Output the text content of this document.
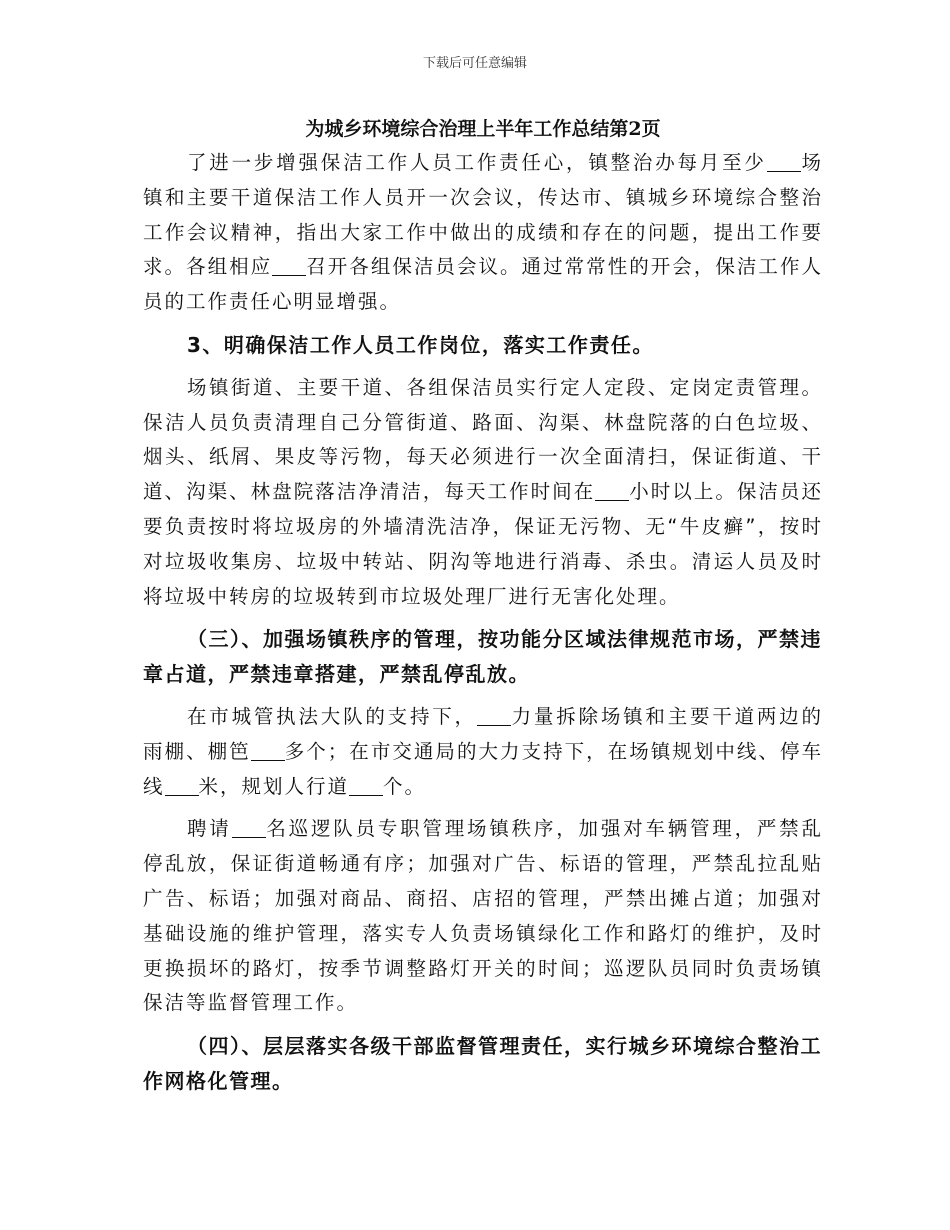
下载后可任意编辑
为城乡环境综合治理上半年工作总结第2页

了进一步增强保洁工作人员工作责任心，镇整治办每月至少 场镇和主要干道保洁工作人员开一次会议，传达市、镇城乡环境综合整治工作会议精神，指出大家工作中做出的成绩和存在的问题，提出工作要求。各组相应 召开各组保洁员会议。通过常常性的开会，保洁工作人员的工作责任心明显增强。

3、明确保洁工作人员工作岗位，落实工作责任。

场镇街道、主要干道、各组保洁员实行定人定段、定岗定责管理。保洁人员负责清理自己分管街道、路面、沟渠、林盘院落的白色垃圾、烟头、纸屑、果皮等污物，每天必须进行一次全面清扫，保证街道、干道、沟渠、林盘院落洁净清洁，每天工作时间在 小时以上。保洁员还要负责按时将垃圾房的外墙清洗洁净，保证无污物、无“牛皮癣”，按时对垃圾收集房、垃圾中转站、阴沟等地进行消毒、杀虫。清运人员及时将垃圾中转房的垃圾转到市垃圾处理厂进行无害化处理。

（三）、加强场镇秩序的管理，按功能分区域法律规范市场，严禁违章占道，严禁违章搭建，严禁乱停乱放。

在市城管执法大队的支持下， 力量拆除场镇和主要干道两边的雨棚、棚笆 多个；在市交通局的大力支持下，在场镇规划中线、停车线 米，规划人行道 个。

聘请 名巡逻队员专职管理场镇秩序，加强对车辆管理，严禁乱停乱放，保证街道畅通有序；加强对广告、标语的管理，严禁乱拉乱贴广告、标语；加强对商品、商招、店招的管理，严禁出摊占道；加强对基础设施的维护管理，落实专人负责场镇绿化工作和路灯的维护，及时更换损坏的路灯，按季节调整路灯开关的时间；巡逻队员同时负责场镇保洁等监督管理工作。

（四）、层层落实各级干部监督管理责任，实行城乡环境综合整治工作网格化管理。
